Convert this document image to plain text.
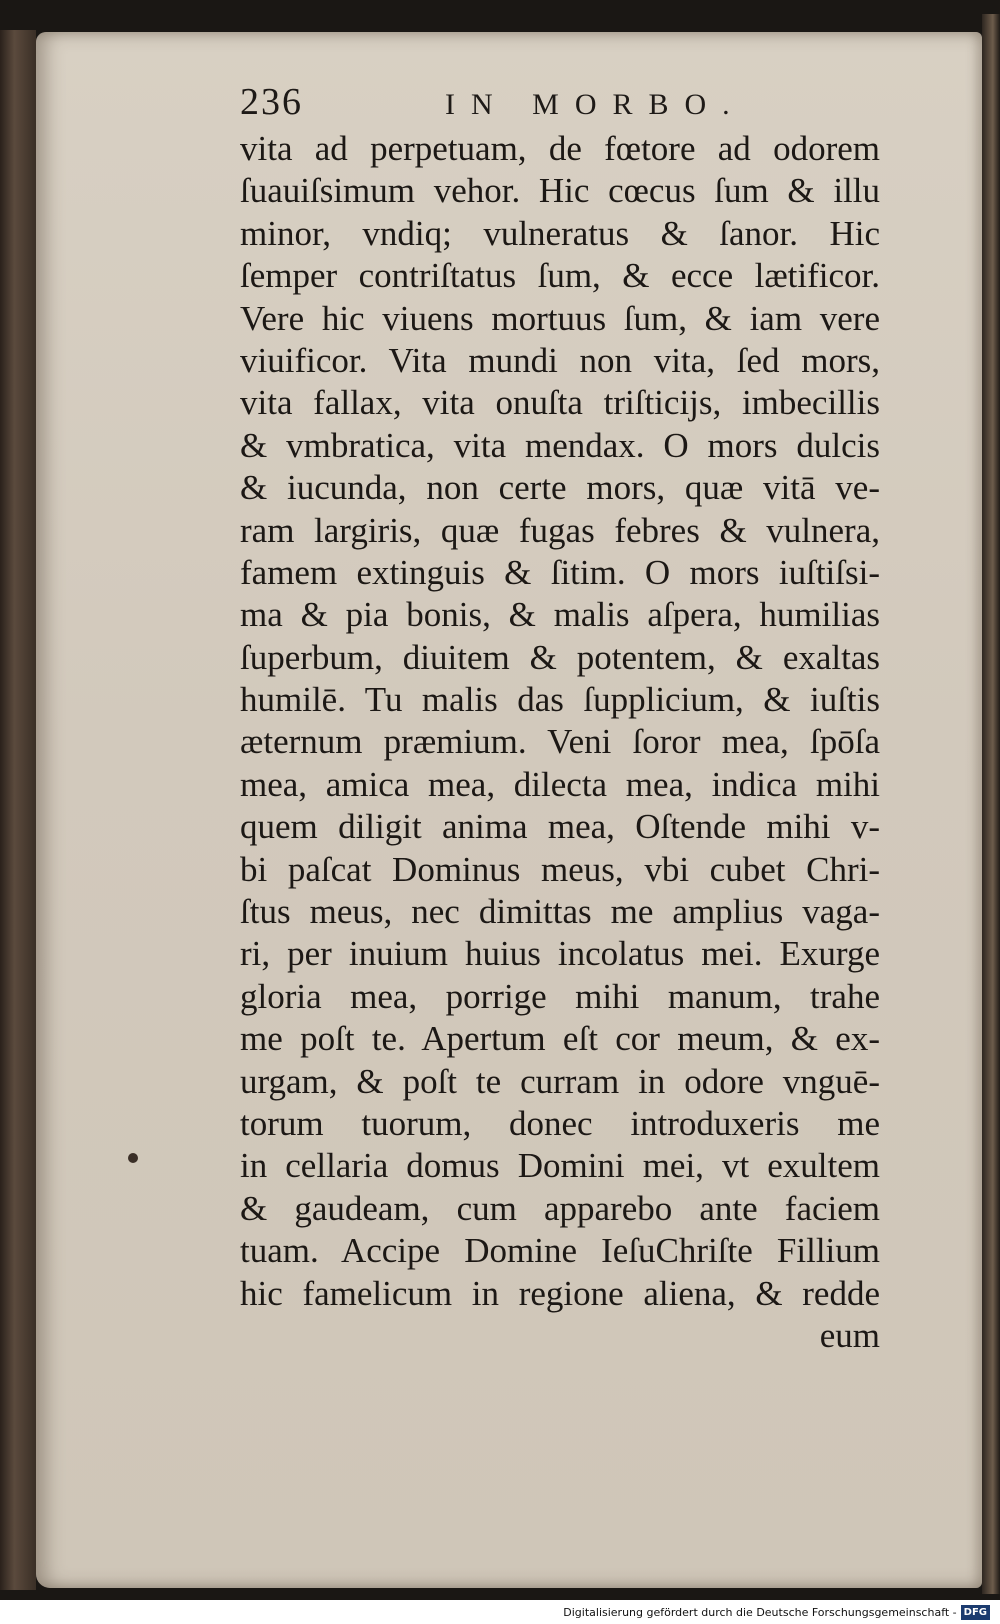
236	IN MORBO.
vita ad perpetuam, de fœtore ad odorem
ſuauiſsimum vehor. Hic cœcus ſum & illu
minor, vndiq; vulneratus & ſanor. Hic
ſemper contriſtatus ſum, & ecce lætificor.
Vere hic viuens mortuus ſum, & iam vere
viuificor. Vita mundi non vita, ſed mors,
vita fallax, vita onuſta triſticijs, imbecillis
& vmbratica, vita mendax. O mors dulcis
& iucunda, non certe mors, quæ vitā ve-
ram largiris, quæ fugas febres & vulnera,
famem extinguis & ſitim. O mors iuſtiſsi-
ma & pia bonis, & malis aſpera, humilias
ſuperbum, diuitem & potentem, & exaltas
humilē. Tu malis das ſupplicium, & iuſtis
æternum præmium. Veni ſoror mea, ſpōſa
mea, amica mea, dilecta mea, indica mihi
quem diligit anima mea, Oſtende mihi v-
bi paſcat Dominus meus, vbi cubet Chri-
ſtus meus, nec dimittas me amplius vaga-
ri, per inuium huius incolatus mei. Exurge
gloria mea, porrige mihi manum, trahe
me poſt te. Apertum eſt cor meum, & ex-
urgam, & poſt te curram in odore vnguē-
torum tuorum, donec introduxeris me
in cellaria domus Domini mei, vt exultem
& gaudeam, cum apparebo ante faciem
tuam. Accipe Domine IeſuChriſte Fillium
hic famelicum in regione aliena, & redde
eum
Digitalisierung gefördert durch die Deutsche Forschungsgemeinschaft - DFG
